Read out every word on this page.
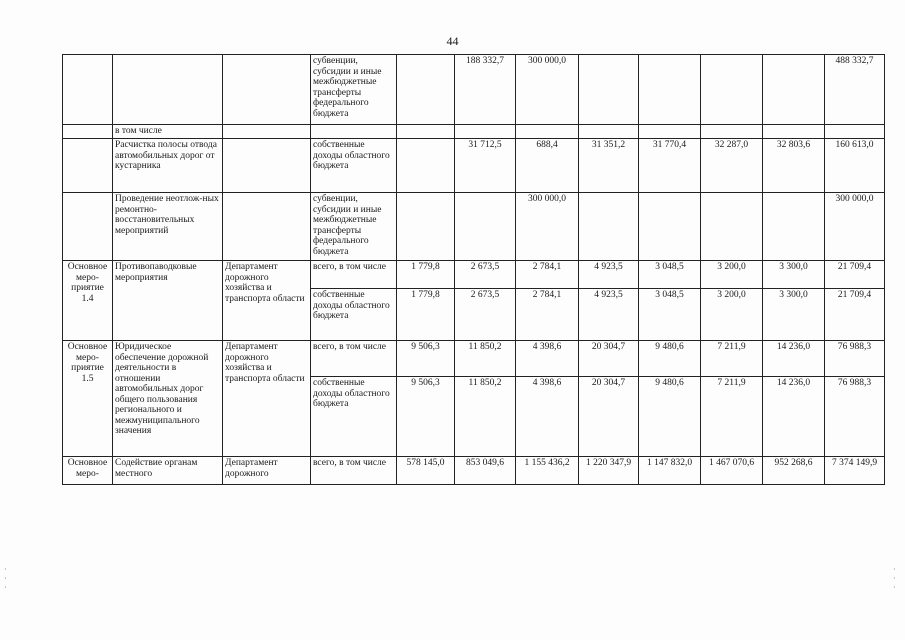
44
			субвенции, субсидии и иные межбюджетные трансферты федерального бюджета		188 332,7	300 000,0					488 332,7
	в том числе										
	Расчистка полосы отвода автомобильных дорог от кустарника		собственные доходы областного бюджета		31 712,5	688,4	31 351,2	31 770,4	32 287,0	32 803,6	160 613,0
	Проведение неотлож-ных ремонтно-восстановительных мероприятий		субвенции, субсидии и иные межбюджетные трансферты федерального бюджета			300 000,0					300 000,0
Основное меро-приятие 1.4	Противопаводковые мероприятия	Департамент дорожного хозяйства и транспорта области	всего, в том числе	1 779,8	2 673,5	2 784,1	4 923,5	3 048,5	3 200,0	3 300,0	21 709,4
			собственные доходы областного бюджета	1 779,8	2 673,5	2 784,1	4 923,5	3 048,5	3 200,0	3 300,0	21 709,4
Основное меро-приятие 1.5	Юридическое обеспечение дорожной деятельности в отношении автомобильных дорог общего пользования регионального и межмуниципального значения	Департамент дорожного хозяйства и транспорта области	всего, в том числе	9 506,3	11 850,2	4 398,6	20 304,7	9 480,6	7 211,9	14 236,0	76 988,3
			собственные доходы областного бюджета	9 506,3	11 850,2	4 398,6	20 304,7	9 480,6	7 211,9	14 236,0	76 988,3
Основное меро-	Содействие органам местного	Департамент дорожного	всего, в том числе	578 145,0	853 049,6	1 155 436,2	1 220 347,9	1 147 832,0	1 467 070,6	952 268,6	7 374 149,9
·
·
·
·
·
·
